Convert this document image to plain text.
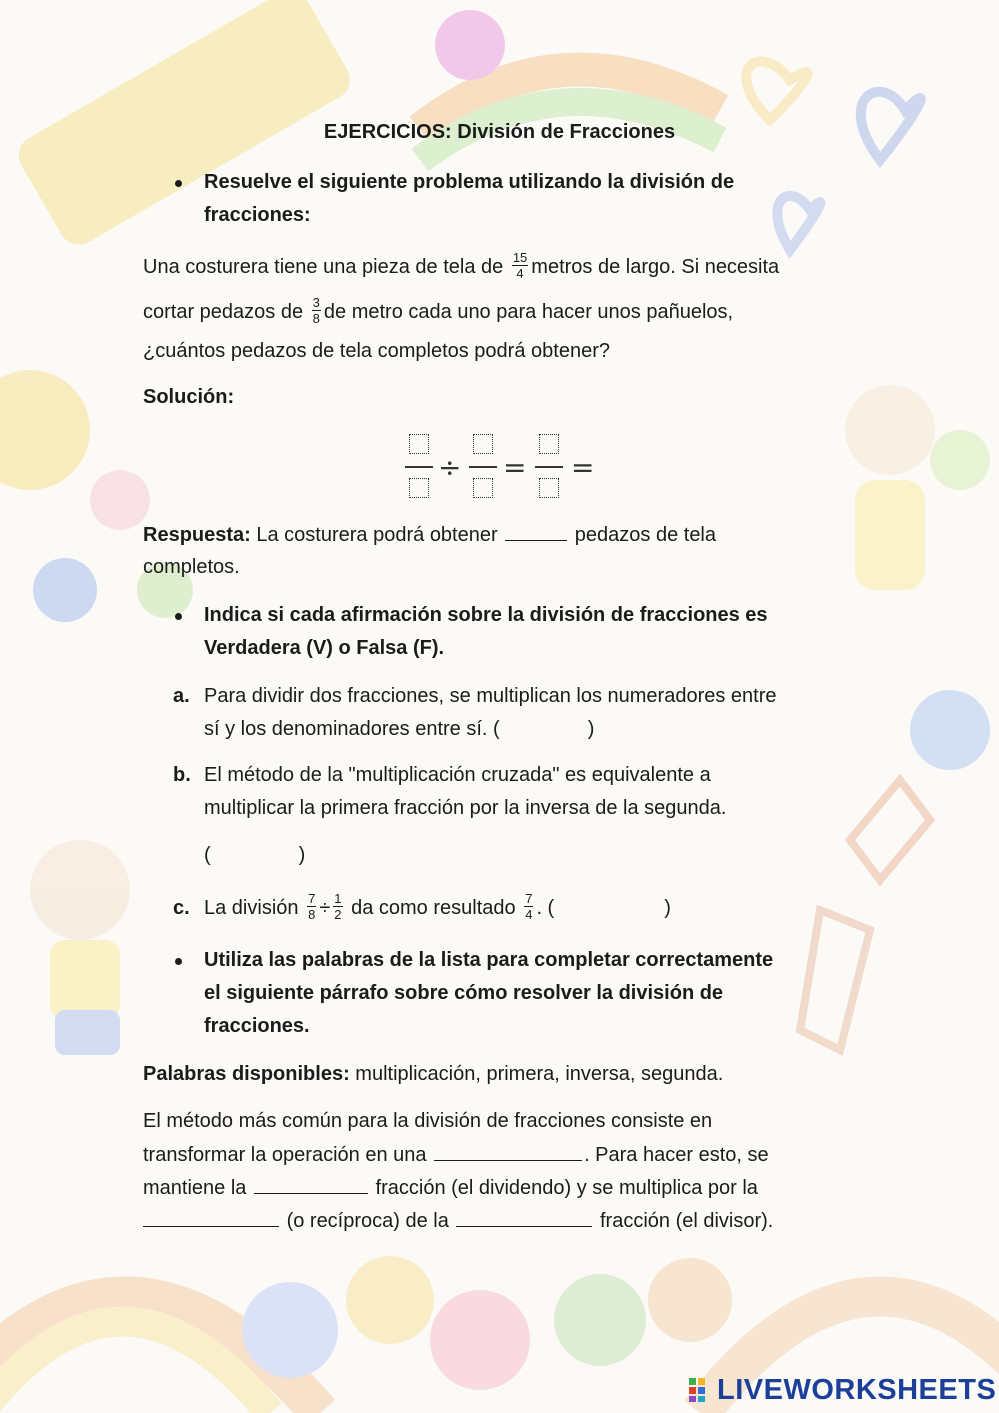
EJERCICIOS: División de Fracciones
Resuelve el siguiente problema utilizando la división de
fracciones:
Una costurera tiene una pieza de tela de $\frac{15}{4}$ metros de largo. Si necesita
cortar pedazos de $\frac{3}{8}$ de metro cada uno para hacer unos pañuelos,
¿cuántos pedazos de tela completos podrá obtener?
Solución:
÷ = =
Respuesta: La costurera podrá obtener	pedazos de tela
completos.
Indica si cada afirmación sobre la división de fracciones es
Verdadera (V) o Falsa (F).
a. Para dividir dos fracciones, se multiplican los numeradores entre
sí y los denominadores entre sí. (	)
b. El método de la "multiplicación cruzada" es equivalente a
multiplicar la primera fracción por la inversa de la segunda.
(	)
c. La división $\frac{7}{8} \div \frac{1}{2}$ da como resultado $\frac{7}{4}$ . (	)
Utiliza las palabras de la lista para completar correctamente
el siguiente párrafo sobre cómo resolver la división de
fracciones.
Palabras disponibles: multiplicación, primera, inversa, segunda.
El método más común para la división de fracciones consiste en
transformar la operación en una	. Para hacer esto, se
mantiene la	fracción (el dividendo) y se multiplica por la
(o recíproca) de la	fracción (el divisor).
LIVEWORKSHEETS
